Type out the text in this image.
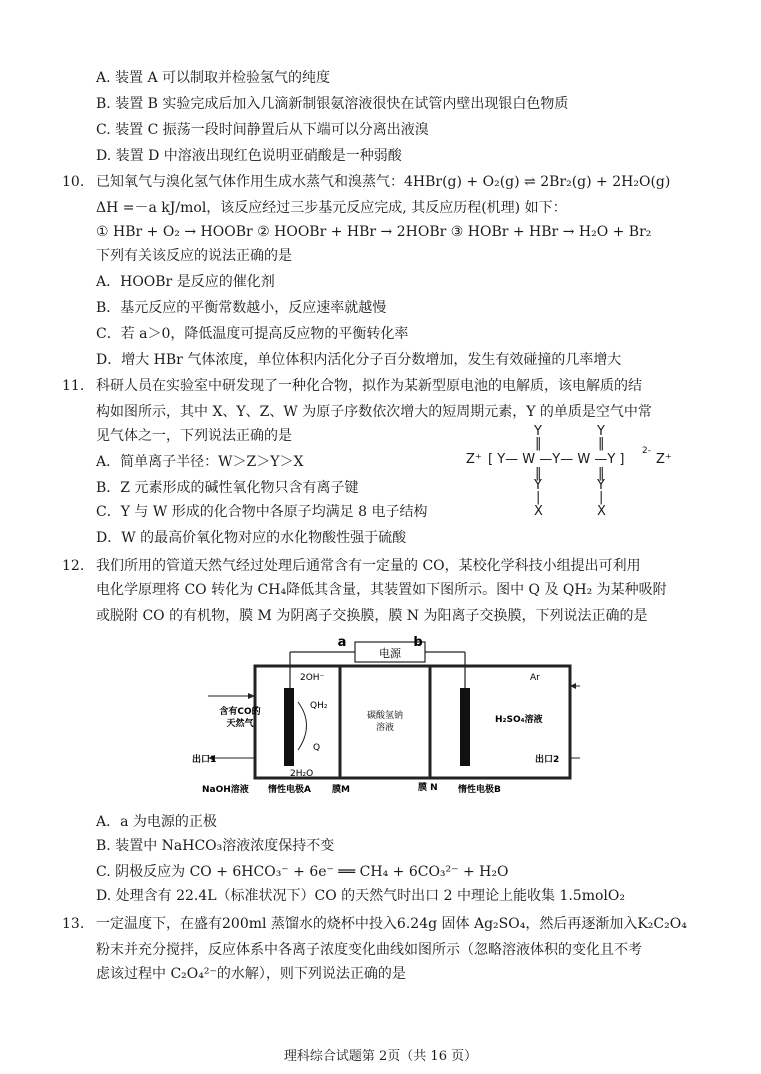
A. 装置 A 可以制取并检验氢气的纯度
B. 装置 B 实验完成后加入几滴新制银氨溶液很快在试管内壁出现银白色物质
C. 装置 C 振荡一段时间静置后从下端可以分离出液溴
D. 装置 D 中溶液出现红色说明亚硝酸是一种弱酸
10. 已知氧气与溴化氢气体作用生成水蒸气和溴蒸气：4HBr(g) + O₂(g) ⇌ 2Br₂(g) + 2H₂O(g)
ΔH =－a kJ/mol，该反应经过三步基元反应完成, 其反应历程(机理) 如下：
① HBr + O₂ → HOOBr ② HOOBr + HBr → 2HOBr ③ HOBr + HBr → H₂O + Br₂
下列有关该反应的说法正确的是
A．HOOBr 是反应的催化剂
B．基元反应的平衡常数越小，反应速率就越慢
C．若 a＞0，降低温度可提高反应物的平衡转化率
D．增大 HBr 气体浓度，单位体积内活化分子百分数增加，发生有效碰撞的几率增大
11. 科研人员在实验室中研发现了一种化合物，拟作为某新型原电池的电解质，该电解质的结
构如图所示，其中 X、Y、Z、W 为原子序数依次增大的短周期元素，Y 的单质是空气中常
见气体之一，下列说法正确的是
A．简单离子半径：W＞Z＞Y＞X
B．Z 元素形成的碱性氧化物只含有离子键
C．Y 与 W 形成的化合物中各原子均满足 8 电子结构
D．W 的最高价氧化物对应的水化物酸性强于硫酸
Y	Y
‖	‖
Z⁺ [ Y— W —Y— W —Y ]
2-
Z⁺
‖	‖
Y	Y
|	|
X	X
12. 我们所用的管道天然气经过处理后通常含有一定量的 CO，某校化学科技小组提出可利用
电化学原理将 CO 转化为 CH₄降低其含量，其装置如下图所示。图中 Q 及 QH₂ 为某种吸附
或脱附 CO 的有机物，膜 M 为阴离子交换膜，膜 N 为阳离子交换膜，下列说法正确的是
电源
a	b
含有CO的
天然气
出口1
2OH⁻
QH₂
Q
2H₂O
碳酸氢钠
溶液
Ar
H₂SO₄溶液
出口2
NaOH溶液 惰性电极A 膜M	膜 N 惰性电极B
A．a 为电源的正极
B. 装置中 NaHCO₃溶液浓度保持不变
C. 阴极反应为 CO + 6HCO₃⁻ + 6e⁻ ══ CH₄ + 6CO₃²⁻ + H₂O
D. 处理含有 22.4L（标准状况下）CO 的天然气时出口 2 中理论上能收集 1.5molO₂
13. 一定温度下，在盛有200ml 蒸馏水的烧杯中投入6.24g 固体 Ag₂SO₄，然后再逐渐加入K₂C₂O₄
粉末并充分搅拌，反应体系中各离子浓度变化曲线如图所示（忽略溶液体积的变化且不考
虑该过程中 C₂O₄²⁻的水解），则下列说法正确的是
理科综合试题第 2页（共 16 页）
